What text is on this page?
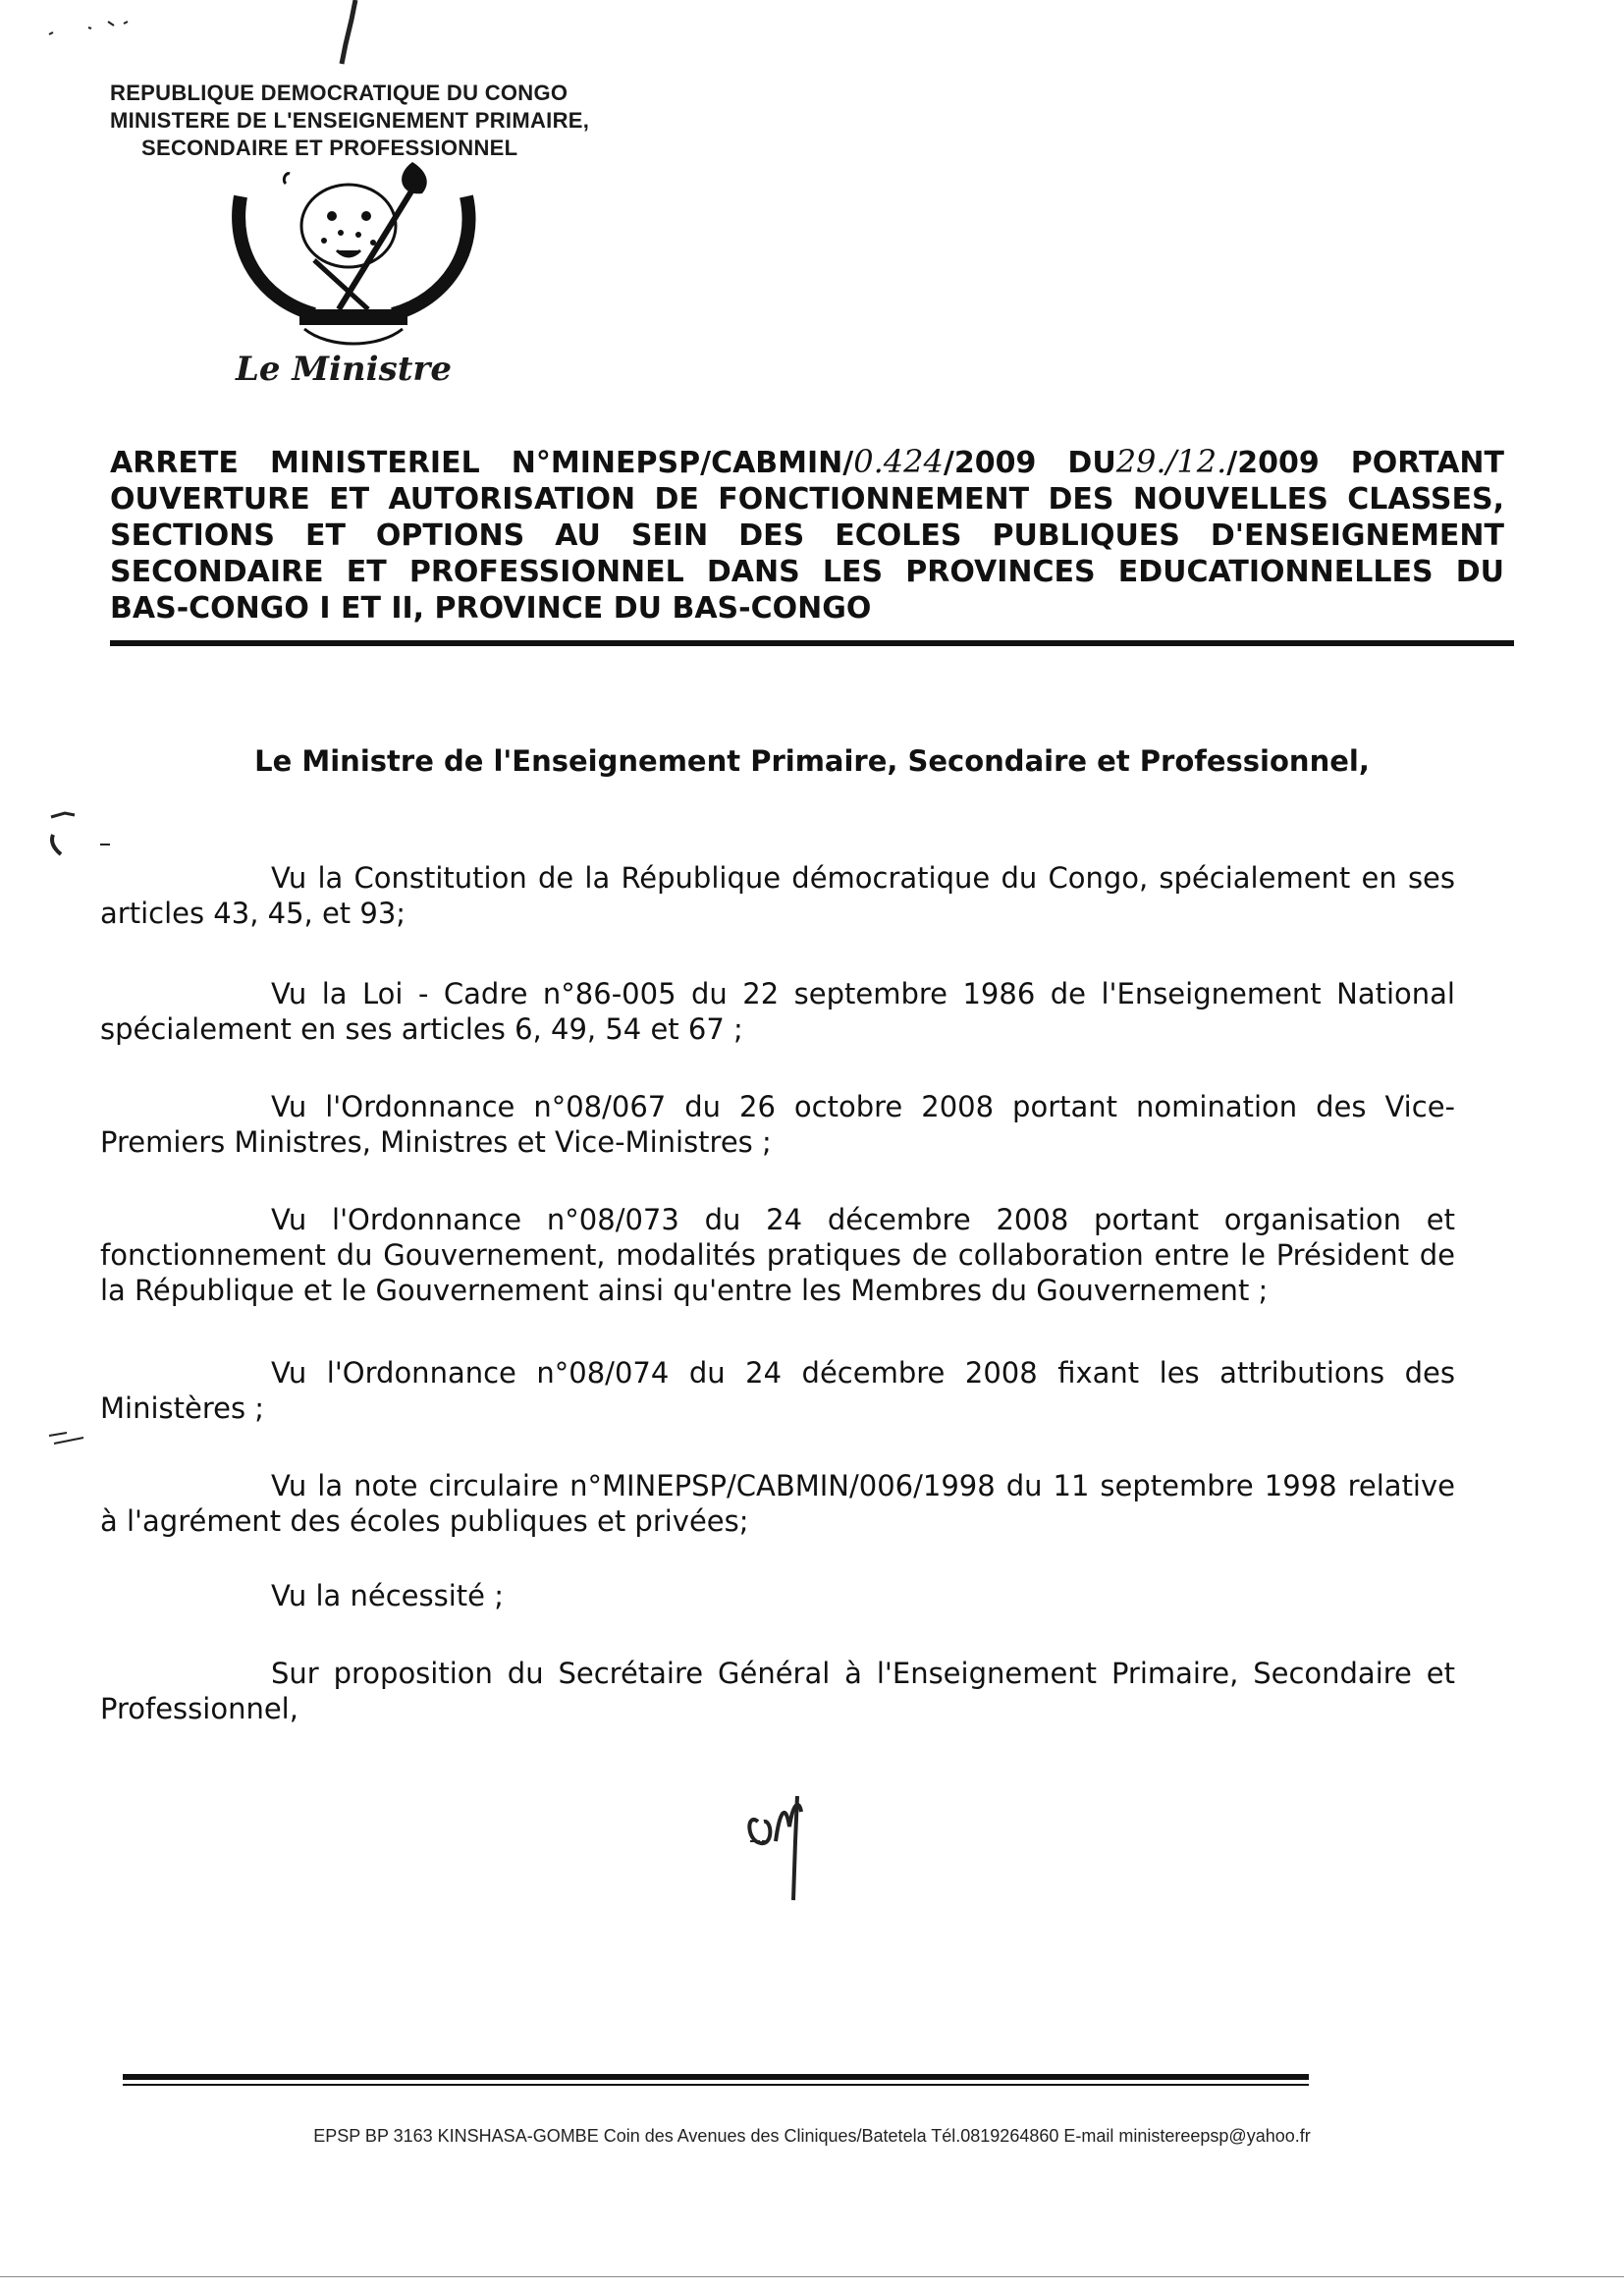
REPUBLIQUE DEMOCRATIQUE DU CONGO
MINISTERE DE L'ENSEIGNEMENT PRIMAIRE,
SECONDAIRE ET PROFESSIONNEL
Le Ministre
ARRETE MINISTERIEL N°MINEPSP/CABMIN/0.424/2009 DU29./12./2009 PORTANT OUVERTURE ET AUTORISATION DE FONCTIONNEMENT DES NOUVELLES CLASSES, SECTIONS ET OPTIONS AU SEIN DES ECOLES PUBLIQUES D'ENSEIGNEMENT SECONDAIRE ET PROFESSIONNEL DANS LES PROVINCES EDUCATIONNELLES DU BAS-CONGO I ET II, PROVINCE DU BAS-CONGO
Le Ministre de l'Enseignement Primaire, Secondaire et Professionnel,
Vu la Constitution de la République démocratique du Congo, spécialement en ses articles 43, 45, et 93;
Vu la Loi - Cadre n°86-005 du 22 septembre 1986 de l'Enseignement National spécialement en ses articles 6, 49, 54 et 67 ;
Vu l'Ordonnance n°08/067 du 26 octobre 2008 portant nomination des Vice-Premiers Ministres, Ministres et Vice-Ministres ;
Vu l'Ordonnance n°08/073 du 24 décembre 2008 portant organisation et fonctionnement du Gouvernement, modalités pratiques de collaboration entre le Président de la République et le Gouvernement ainsi qu'entre les Membres du Gouvernement ;
Vu l'Ordonnance n°08/074 du 24 décembre 2008 fixant les attributions des Ministères ;
Vu la note circulaire n°MINEPSP/CABMIN/006/1998 du 11 septembre 1998 relative à l'agrément des écoles publiques et privées;
Vu la nécessité ;
Sur proposition du Secrétaire Général à l'Enseignement Primaire, Secondaire et Professionnel,
EPSP BP 3163 KINSHASA-GOMBE Coin des Avenues des Cliniques/Batetela Tél.0819264860 E-mail ministereepsp@yahoo.fr
